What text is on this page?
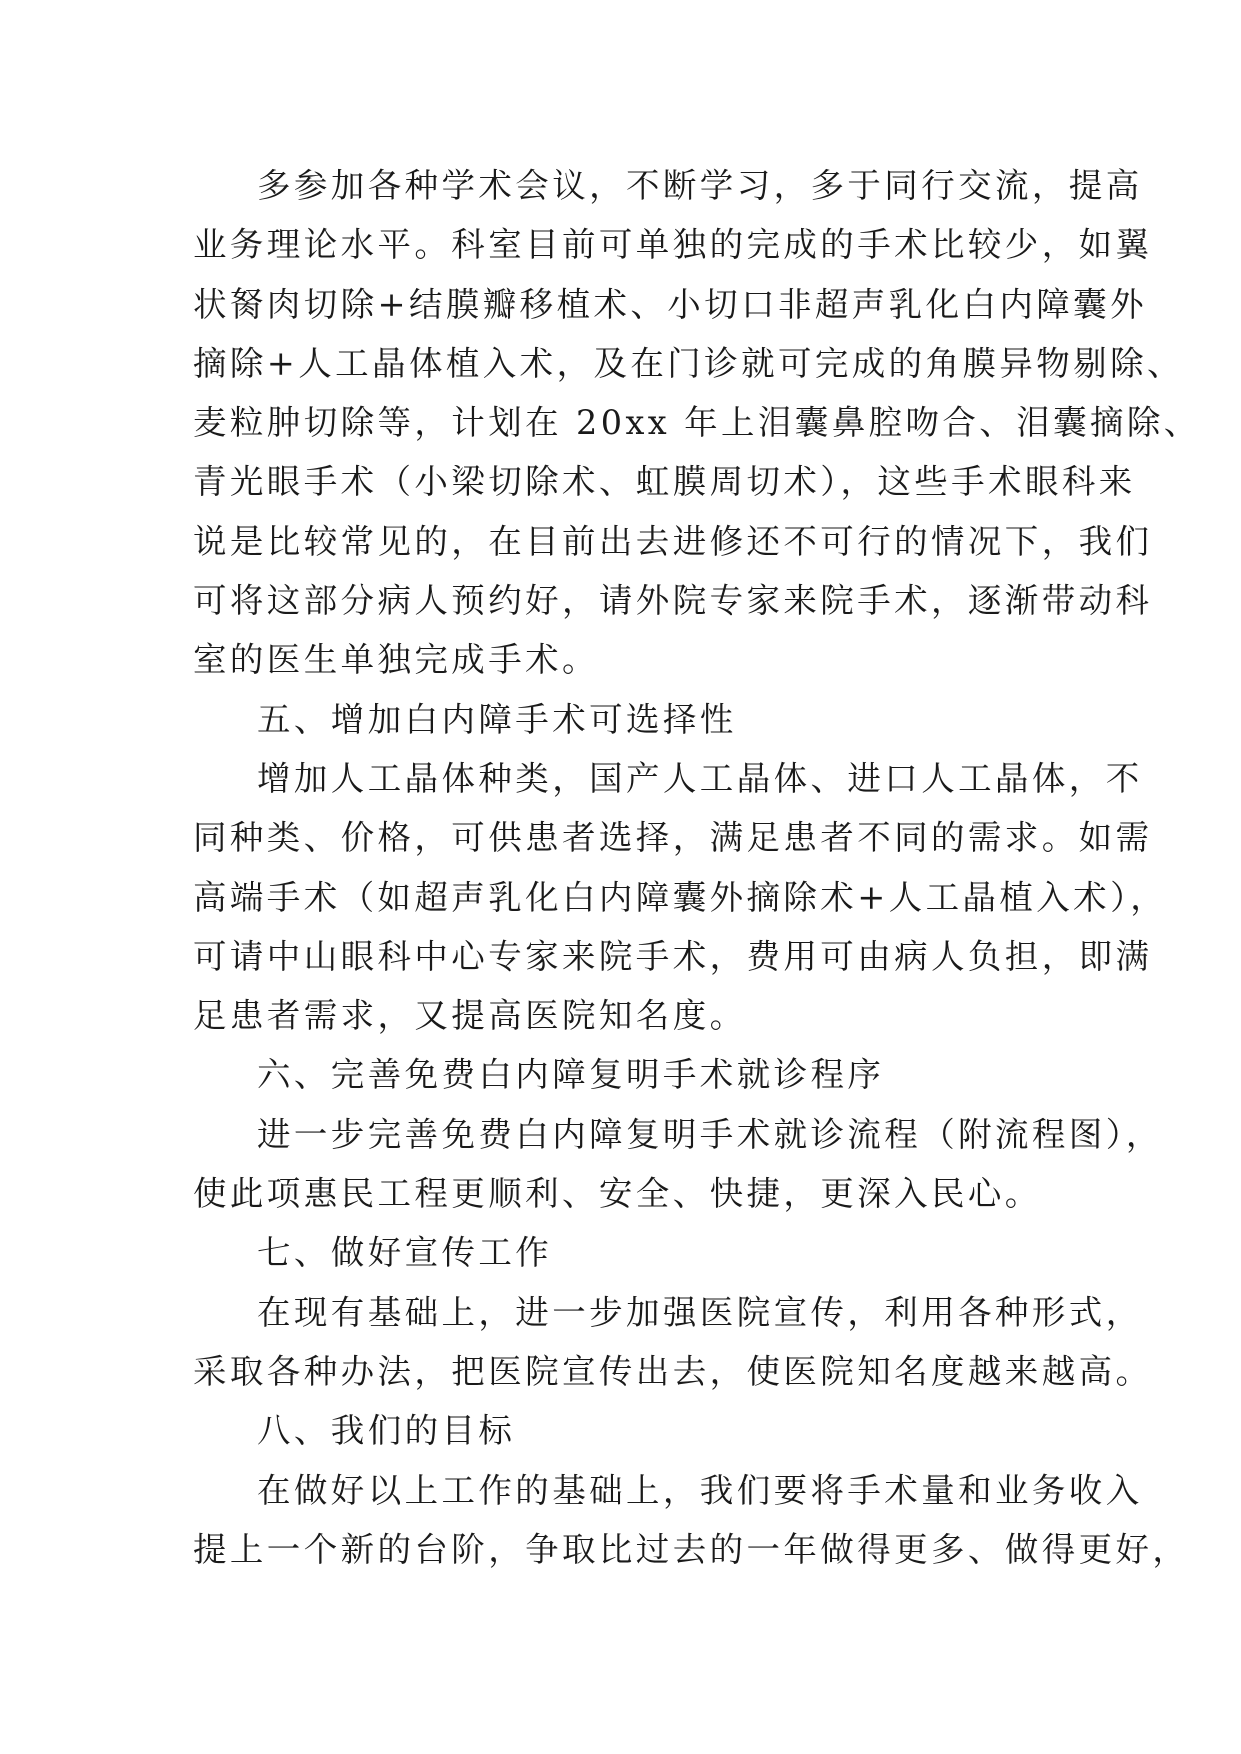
多参加各种学术会议，不断学习，多于同行交流，提高
业务理论水平。科室目前可单独的完成的手术比较少，如翼
状胬肉切除+结膜瓣移植术、小切口非超声乳化白内障囊外
摘除+人工晶体植入术，及在门诊就可完成的角膜异物剔除、
麦粒肿切除等，计划在 20xx 年上泪囊鼻腔吻合、泪囊摘除、
青光眼手术（小梁切除术、虹膜周切术），这些手术眼科来
说是比较常见的，在目前出去进修还不可行的情况下，我们
可将这部分病人预约好，请外院专家来院手术，逐渐带动科
室的医生单独完成手术。
五、增加白内障手术可选择性
增加人工晶体种类，国产人工晶体、进口人工晶体，不
同种类、价格，可供患者选择，满足患者不同的需求。如需
高端手术（如超声乳化白内障囊外摘除术+人工晶植入术），
可请中山眼科中心专家来院手术，费用可由病人负担，即满
足患者需求，又提高医院知名度。
六、完善免费白内障复明手术就诊程序
进一步完善免费白内障复明手术就诊流程（附流程图），
使此项惠民工程更顺利、安全、快捷，更深入民心。
七、做好宣传工作
在现有基础上，进一步加强医院宣传，利用各种形式，
采取各种办法，把医院宣传出去，使医院知名度越来越高。
八、我们的目标
在做好以上工作的基础上，我们要将手术量和业务收入
提上一个新的台阶，争取比过去的一年做得更多、做得更好，
